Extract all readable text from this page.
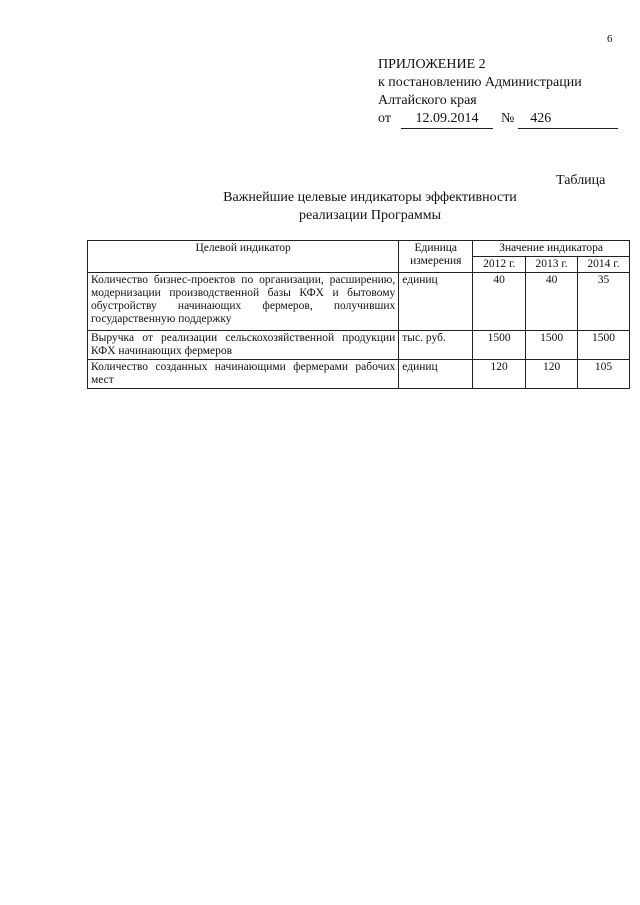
6
ПРИЛОЖЕНИЕ 2
к постановлению Администрации
Алтайского края
от	12.09.2014	№	426
Таблица
Важнейшие целевые индикаторы эффективности
реализации Программы
Целевой индикатор	Единица измерения	Значение индикатора		
		2012 г.	2013 г.	2014 г.
Количество бизнес-проектов по организации, расширению, модернизации производственной базы КФХ и бытовому обустройству начинающих фермеров, получивших государственную поддержку	единиц	40	40	35
Выручка от реализации сельскохозяйственной продукции КФХ начинающих фермеров	тыс. руб.	1500	1500	1500
Количество созданных начинающими фермерами рабочих мест	единиц	120	120	105
